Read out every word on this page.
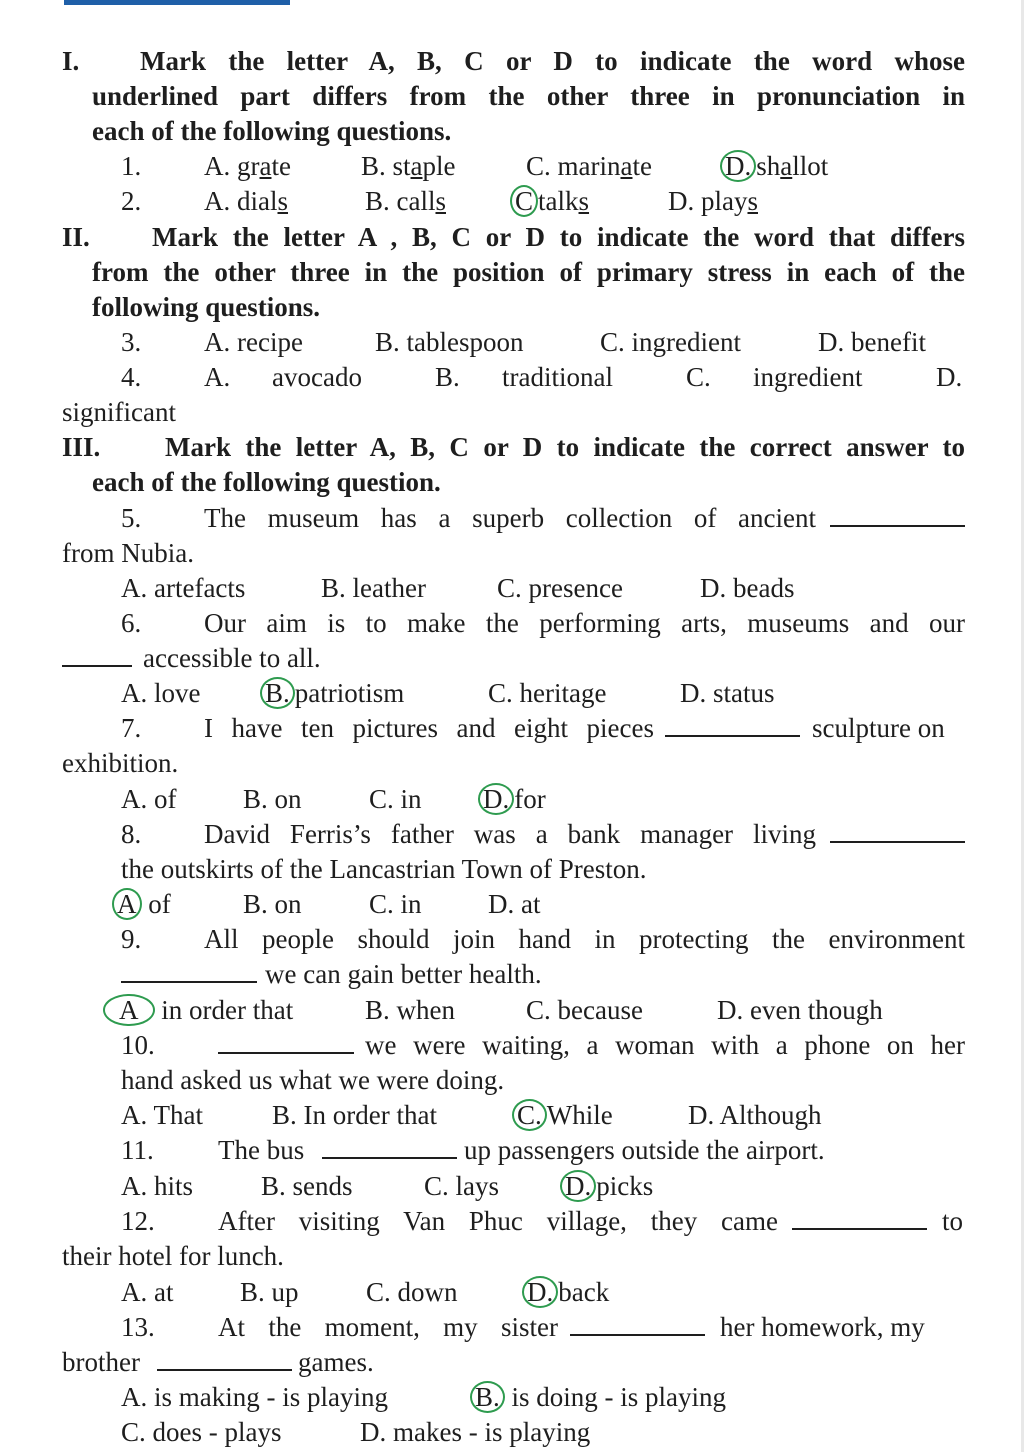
I. Mark the letter A, B, C or D to indicate the word whose
underlined part differs from the other three in pronunciation in
each of the following questions.
1. A. grate	B. staple	C. marinate	D. shallot
2. A. dials	B. calls	C talks	D. plays
II. Mark the letter A , B, C or D to indicate the word that differs
from the other three in the position of primary stress in each of the
following questions.
3. A. recipe	B. tablespoon	C. ingredient	D. benefit
4. A. avocado	B. traditional	C. ingredient	D.
significant
III. Mark the letter A, B, C or D to indicate the correct answer to
each of the following question.
5. The museum has a superb collection of ancient
from Nubia.
A. artefacts	B. leather	C. presence	D. beads
6. Our aim is to make the performing arts, museums and our
accessible to all.
A. love B. patriotism	C. heritage	D. status
7. I have ten pictures and eight pieces	sculpture on
exhibition.
A. of B. on C. in D. for
8. David Ferris’s father was a bank manager living
the outskirts of the Lancastrian Town of Preston.
A of	B. on C. in D. at
9. All people should join hand in protecting the environment
we can gain better health.
A in order that	B. when	C. because	D. even though
10.	we were waiting, a woman with a phone on her
hand asked us what we were doing.
A. That	B. In order that	C. While	D. Although
11. The bus	up passengers outside the airport.
A. hits	B. sends	C. lays D. picks
12. After visiting Van Phuc village, they came	to
their hotel for lunch.
A. at B. up C. down	D. back
13. At the moment, my sister	her homework, my
brother	games.
A. is making - is playing	B. is doing - is playing
C. does - plays	D. makes - is playing
